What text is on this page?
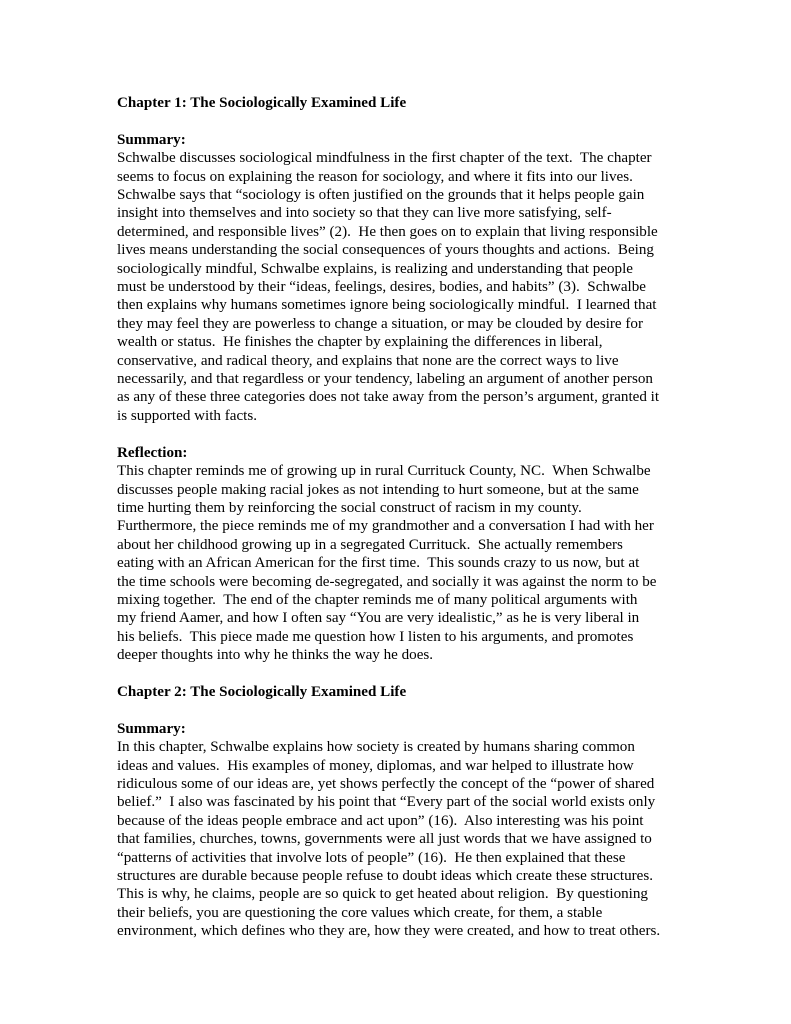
Chapter 1: The Sociologically Examined Life
Summary:
Schwalbe discusses sociological mindfulness in the first chapter of the text.  The chapter
seems to focus on explaining the reason for sociology, and where it fits into our lives.
Schwalbe says that “sociology is often justified on the grounds that it helps people gain
insight into themselves and into society so that they can live more satisfying, self-
determined, and responsible lives” (2).  He then goes on to explain that living responsible
lives means understanding the social consequences of yours thoughts and actions.  Being
sociologically mindful, Schwalbe explains, is realizing and understanding that people
must be understood by their “ideas, feelings, desires, bodies, and habits” (3).  Schwalbe
then explains why humans sometimes ignore being sociologically mindful.  I learned that
they may feel they are powerless to change a situation, or may be clouded by desire for
wealth or status.  He finishes the chapter by explaining the differences in liberal,
conservative, and radical theory, and explains that none are the correct ways to live
necessarily, and that regardless or your tendency, labeling an argument of another person
as any of these three categories does not take away from the person’s argument, granted it
is supported with facts.
Reflection:
This chapter reminds me of growing up in rural Currituck County, NC.  When Schwalbe
discusses people making racial jokes as not intending to hurt someone, but at the same
time hurting them by reinforcing the social construct of racism in my county.
Furthermore, the piece reminds me of my grandmother and a conversation I had with her
about her childhood growing up in a segregated Currituck.  She actually remembers
eating with an African American for the first time.  This sounds crazy to us now, but at
the time schools were becoming de-segregated, and socially it was against the norm to be
mixing together.  The end of the chapter reminds me of many political arguments with
my friend Aamer, and how I often say “You are very idealistic,” as he is very liberal in
his beliefs.  This piece made me question how I listen to his arguments, and promotes
deeper thoughts into why he thinks the way he does.
Chapter 2: The Sociologically Examined Life
Summary:
In this chapter, Schwalbe explains how society is created by humans sharing common
ideas and values.  His examples of money, diplomas, and war helped to illustrate how
ridiculous some of our ideas are, yet shows perfectly the concept of the “power of shared
belief.”  I also was fascinated by his point that “Every part of the social world exists only
because of the ideas people embrace and act upon” (16).  Also interesting was his point
that families, churches, towns, governments were all just words that we have assigned to
“patterns of activities that involve lots of people” (16).  He then explained that these
structures are durable because people refuse to doubt ideas which create these structures.
This is why, he claims, people are so quick to get heated about religion.  By questioning
their beliefs, you are questioning the core values which create, for them, a stable
environment, which defines who they are, how they were created, and how to treat others.
